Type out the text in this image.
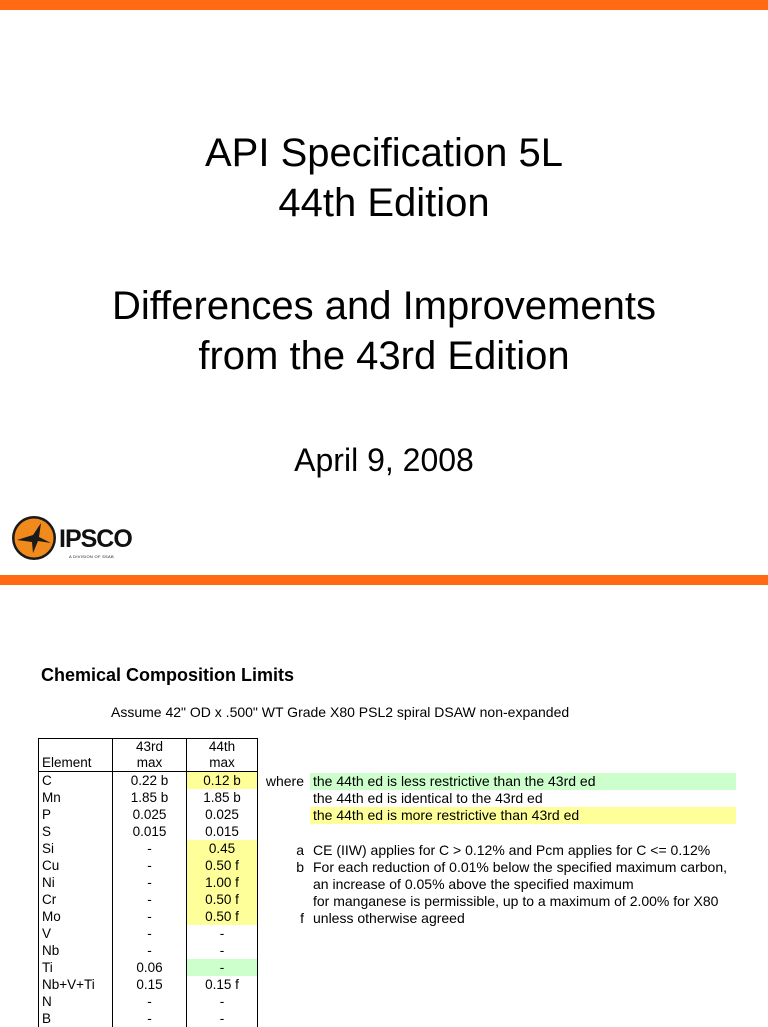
API Specification 5L
44th Edition
Differences and Improvements
from the 43rd Edition
April 9, 2008
IPSCO
A DIVISION OF SSAB
Chemical Composition Limits
Assume 42" OD x .500" WT Grade X80 PSL2 spiral DSAW non-expanded
	43rd	44th
Element	max	max
C	0.22 b	0.12 b
Mn	1.85 b	1.85 b
P	0.025	0.025
S	0.015	0.015
Si	-	0.45
Cu	-	0.50 f
Ni	-	1.00 f
Cr	-	0.50 f
Mo	-	0.50 f
V	-	-
Nb	-	-
Ti	0.06	-
Nb+V+Ti	0.15	0.15 f
N	-	-
B	-	-
where the 44th ed is less restrictive than the 43rd ed
the 44th ed is identical to the 43rd ed
the 44th ed is more restrictive than 43rd ed
a CE (IIW) applies for C > 0.12% and Pcm applies for C <= 0.12%
b For each reduction of 0.01% below the specified maximum carbon,
an increase of 0.05% above the specified maximum
for manganese is permissible, up to a maximum of 2.00% for X80
f unless otherwise agreed
